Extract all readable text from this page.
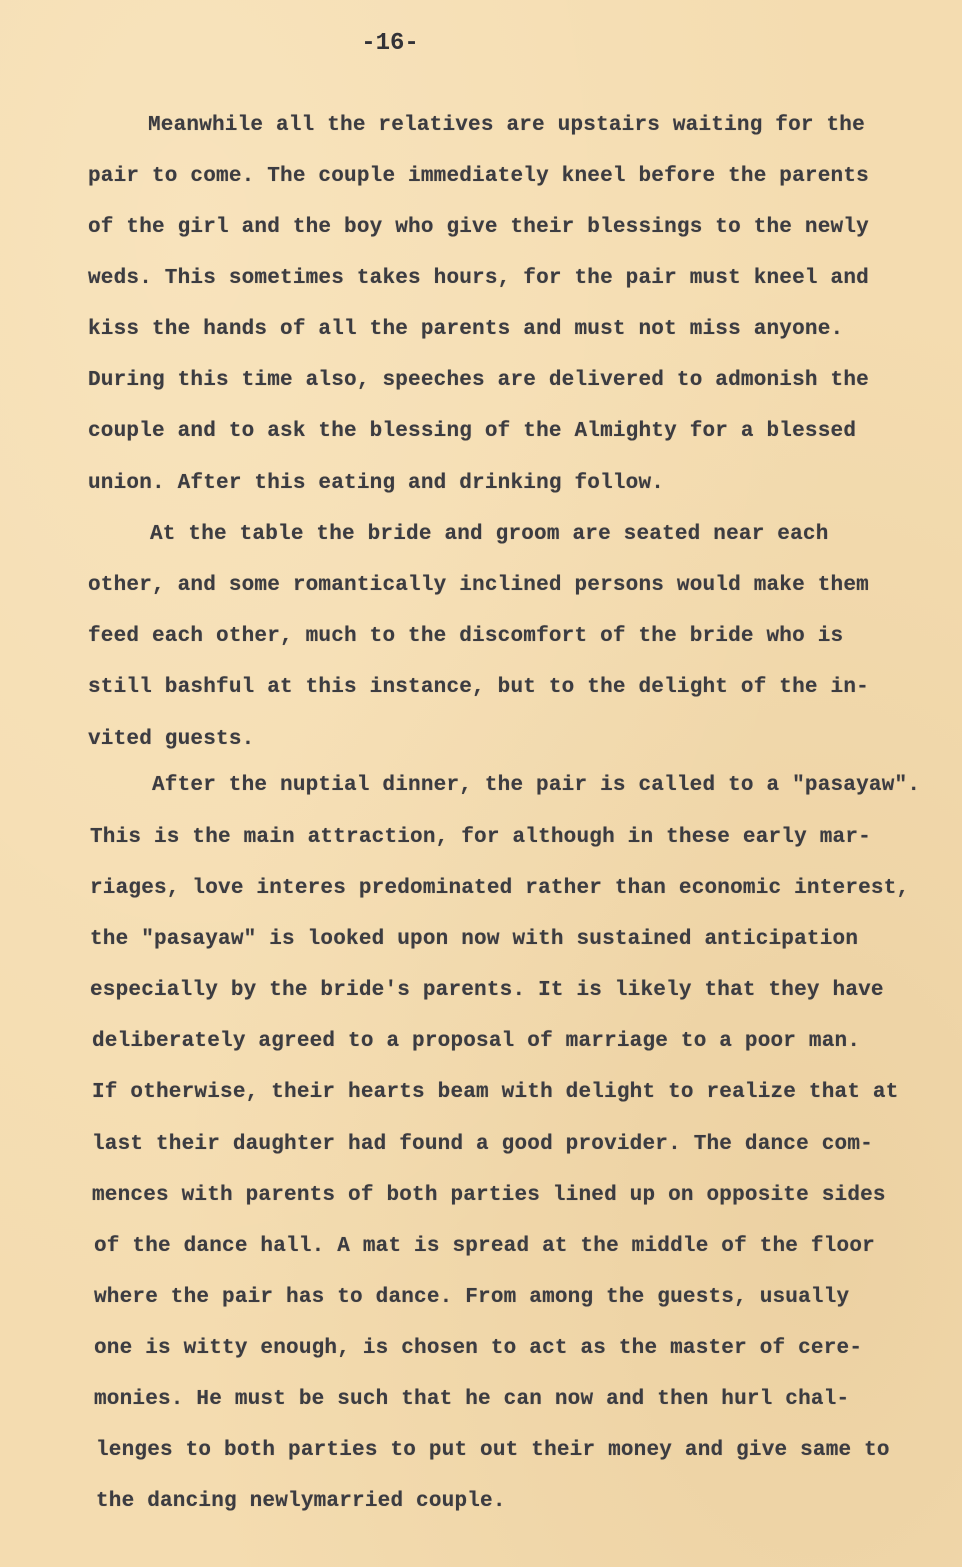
-16-
Meanwhile all the relatives are upstairs waiting for the
pair to come. The couple immediately kneel before the parents
of the girl and the boy who give their blessings to the newly
weds. This sometimes takes hours, for the pair must kneel and
kiss the hands of all the parents and must not miss anyone.
During this time also, speeches are delivered to admonish the
couple and to ask the blessing of the Almighty for a blessed
union. After this eating and drinking follow.
At the table the bride and groom are seated near each
other, and some romantically inclined persons would make them
feed each other, much to the discomfort of the bride who is
still bashful at this instance, but to the delight of the in-
vited guests.
After the nuptial dinner, the pair is called to a "pasayaw".
This is the main attraction, for although in these early mar-
riages, love interes predominated rather than economic interest,
the "pasayaw" is looked upon now with sustained anticipation
especially by the bride's parents. It is likely that they have
deliberately agreed to a proposal of marriage to a poor man.
If otherwise, their hearts beam with delight to realize that at
last their daughter had found a good provider. The dance com-
mences with parents of both parties lined up on opposite sides
of the dance hall. A mat is spread at the middle of the floor
where the pair has to dance. From among the guests, usually
one is witty enough, is chosen to act as the master of cere-
monies. He must be such that he can now and then hurl chal-
lenges to both parties to put out their money and give same to
the dancing newlymarried couple.
